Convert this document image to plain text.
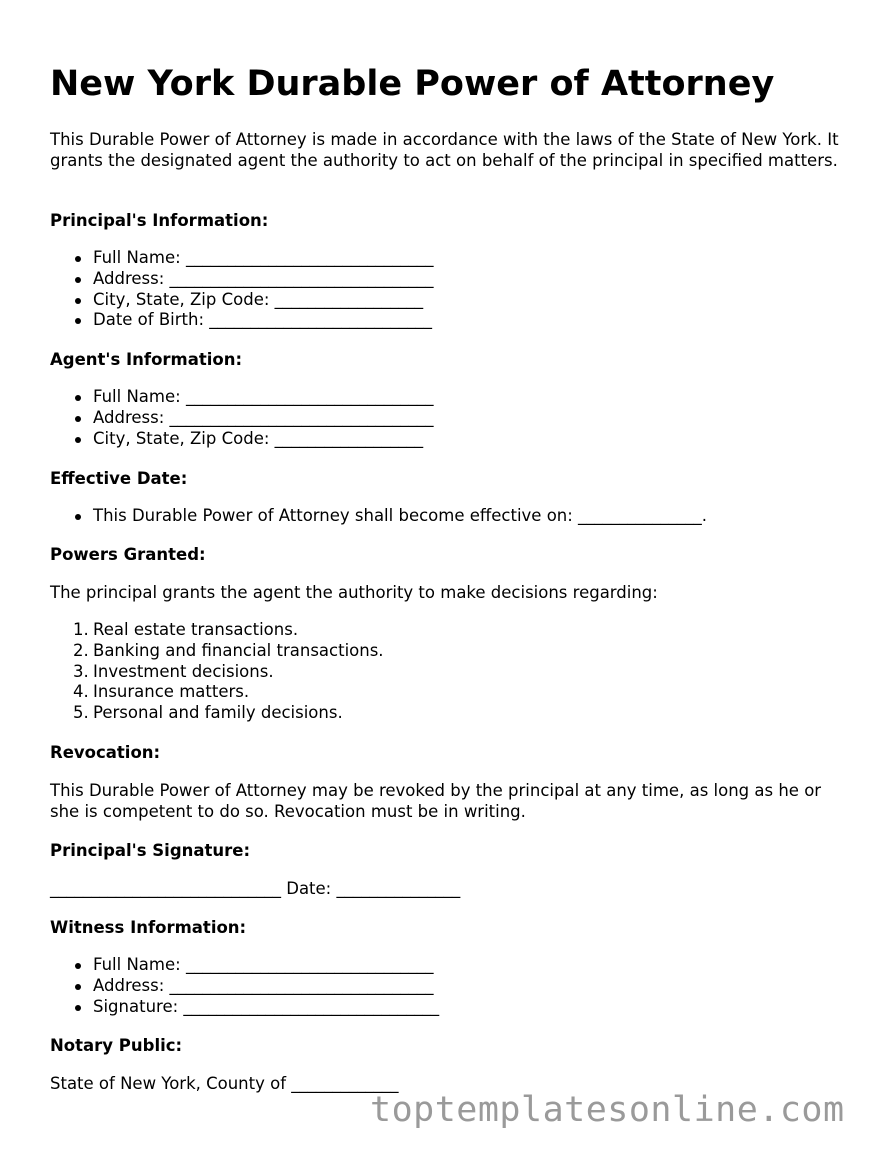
New York Durable Power of Attorney

This Durable Power of Attorney is made in accordance with the laws of the State of New York. It grants the designated agent the authority to act on behalf of the principal in specified matters.

Principal's Information:

Full Name: ______________________________
Address: ________________________________
City, State, Zip Code: __________________
Date of Birth: ___________________________

Agent's Information:

Full Name: ______________________________
Address: ________________________________
City, State, Zip Code: __________________

Effective Date:

This Durable Power of Attorney shall become effective on: _______________.

Powers Granted:

The principal grants the agent the authority to make decisions regarding:

1. Real estate transactions.
2. Banking and financial transactions.
3. Investment decisions.
4. Insurance matters.
5. Personal and family decisions.

Revocation:

This Durable Power of Attorney may be revoked by the principal at any time, as long as he or she is competent to do so. Revocation must be in writing.

Principal's Signature:

____________________________ Date: _______________

Witness Information:

Full Name: ______________________________
Address: ________________________________
Signature: _______________________________

Notary Public:

State of New York, County of _____________

toptemplatesonline.com
